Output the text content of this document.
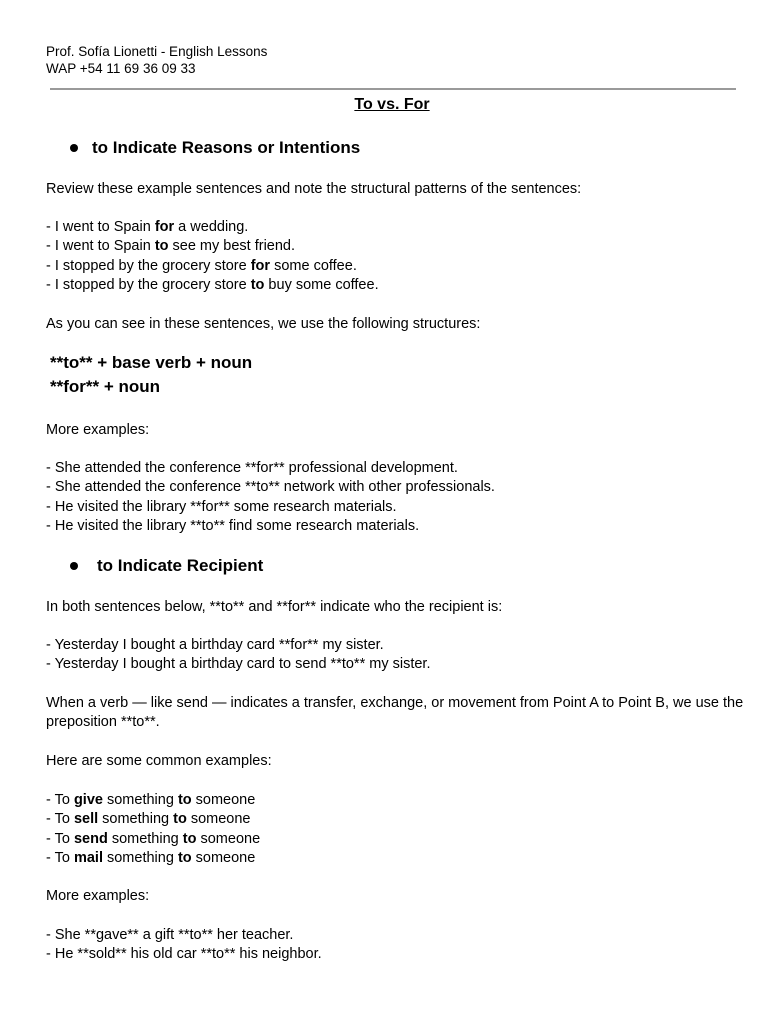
Prof. Sofía Lionetti - English Lessons
WAP +54 11 69 36 09 33
To vs. For
to Indicate Reasons or Intentions
Review these example sentences and note the structural patterns of the sentences:
- I went to Spain for a wedding.
- I went to Spain to see my best friend.
- I stopped by the grocery store for some coffee.
- I stopped by the grocery store to buy some coffee.
As you can see in these sentences, we use the following structures:
**to** + base verb + noun
**for** + noun
More examples:
- She attended the conference **for** professional development.
- She attended the conference **to** network with other professionals.
- He visited the library **for** some research materials.
- He visited the library **to** find some research materials.
to Indicate Recipient
In both sentences below, **to** and **for** indicate who the recipient is:
- Yesterday I bought a birthday card **for** my sister.
- Yesterday I bought a birthday card to send **to** my sister.
When a verb — like send — indicates a transfer, exchange, or movement from Point A to Point B, we use the preposition **to**.
Here are some common examples:
- To give something to someone
- To sell something to someone
- To send something to someone
- To mail something to someone
More examples:
- She **gave** a gift **to** her teacher.
- He **sold** his old car **to** his neighbor.
